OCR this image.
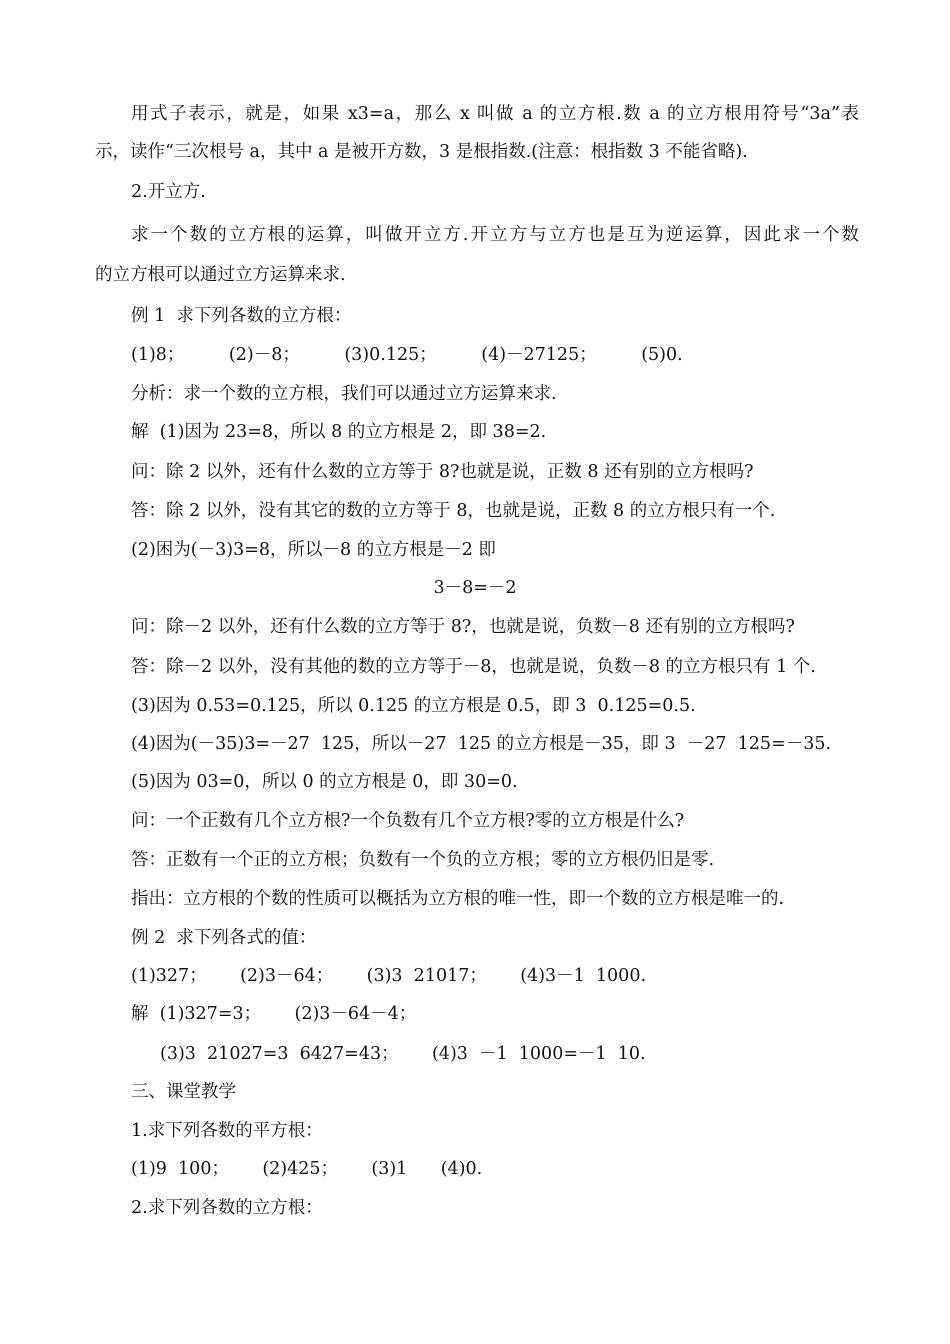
用式子表示，就是，如果 x3=a，那么 x 叫做 a 的立方根.数 a 的立方根用符号“3a”表
示，读作“三次根号 a，其中 a 是被开方数，3 是根指数.(注意：根指数 3 不能省略).
2.开立方.
求一个数的立方根的运算，叫做开立方.开立方与立方也是互为逆运算，因此求一个数
的立方根可以通过立方运算来求.
例 1  求下列各数的立方根：
(1)8；        (2)－8；        (3)0.125；        (4)－27125；        (5)0.
分析：求一个数的立方根，我们可以通过立方运算来求.
解  (1)因为 23=8，所以 8 的立方根是 2，即 38=2.
问：除 2 以外，还有什么数的立方等于 8?也就是说，正数 8 还有别的立方根吗?
答：除 2 以外，没有其它的数的立方等于 8，也就是说，正数 8 的立方根只有一个.
(2)困为(－3)3=8，所以－8 的立方根是－2 即
3－8=－2
问：除－2 以外，还有什么数的立方等于 8?，也就是说，负数－8 还有别的立方根吗?
答：除－2 以外，没有其他的数的立方等于－8，也就是说，负数－8 的立方根只有 1 个.
(3)因为 0.53=0.125，所以 0.125 的立方根是 0.5，即 3  0.125=0.5.
(4)因为(－35)3=－27  125，所以－27  125 的立方根是－35，即 3  －27  125=－35.
(5)因为 03=0，所以 0 的立方根是 0，即 30=0.
问：一个正数有几个立方根?一个负数有几个立方根?零的立方根是什么?
答：正数有一个正的立方根；负数有一个负的立方根；零的立方根仍旧是零.
指出：立方根的个数的性质可以概括为立方根的唯一性，即一个数的立方根是唯一的.
例 2  求下列各式的值：
(1)327；      (2)3－64；      (3)3  21017；      (4)3－1  1000.
解  (1)327=3；      (2)3－64－4；
(3)3  21027=3  6427=43；      (4)3  －1  1000=－1  10.
三、课堂教学
1.求下列各数的平方根：
(1)9  100；      (2)425；      (3)1      (4)0.
2.求下列各数的立方根：
